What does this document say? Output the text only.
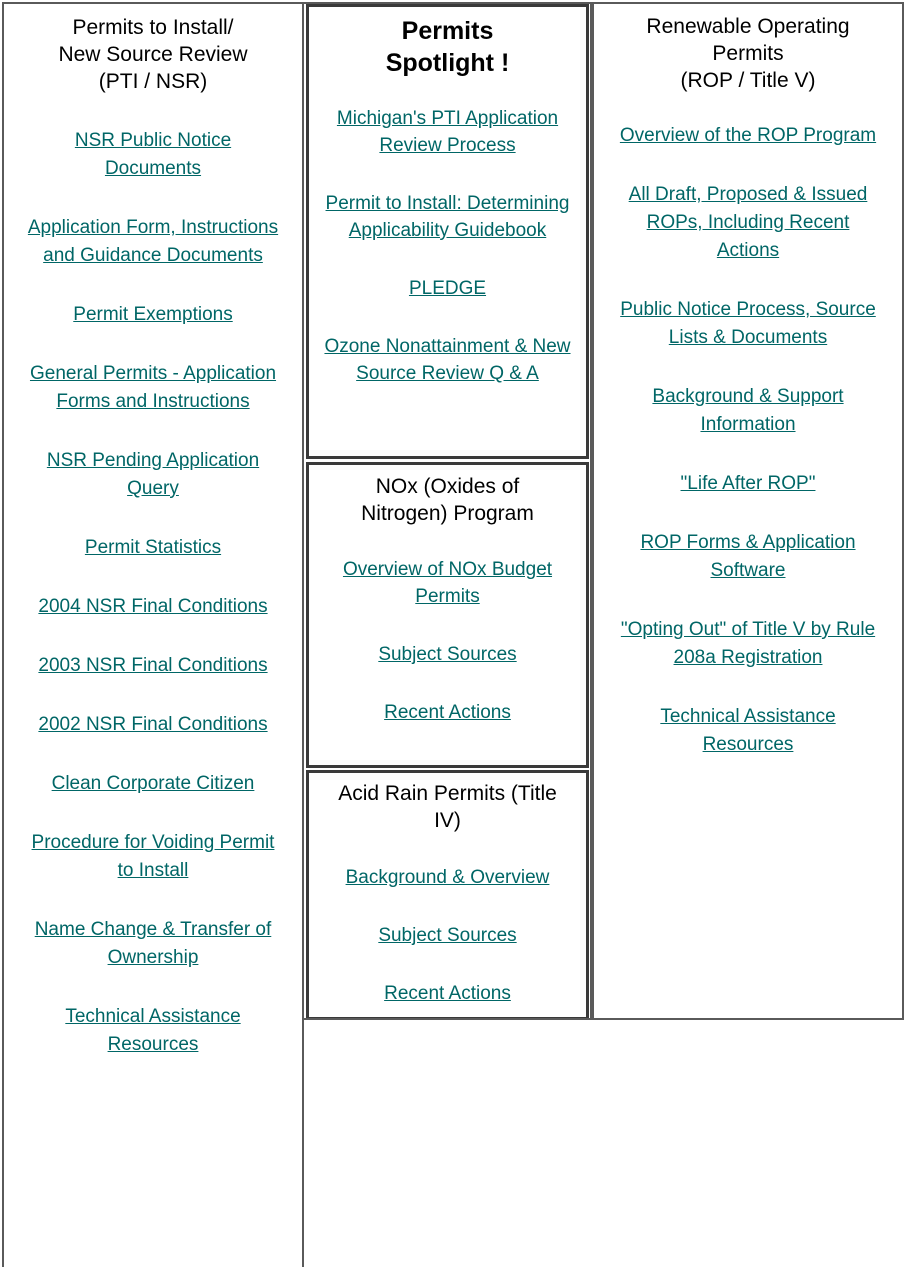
Permits to Install/
New Source Review
(PTI / NSR)
NSR Public Notice Documents
Application Form, Instructions and Guidance Documents
Permit Exemptions
General Permits - Application Forms and Instructions
NSR Pending Application Query
Permit Statistics
2004 NSR Final Conditions
2003 NSR Final Conditions
2002 NSR Final Conditions
Clean Corporate Citizen
Procedure for Voiding Permit to Install
Name Change & Transfer of Ownership
Technical Assistance Resources
Permits
Spotlight !
Michigan's PTI Application Review Process
Permit to Install: Determining Applicability Guidebook
PLEDGE
Ozone Nonattainment & New Source Review Q & A
NOx (Oxides of
Nitrogen) Program
Overview of NOx Budget Permits
Subject Sources
Recent Actions
Acid Rain Permits (Title
IV)
Background & Overview
Subject Sources
Recent Actions
Renewable Operating
Permits
(ROP / Title V)
Overview of the ROP Program
All Draft, Proposed & Issued ROPs, Including Recent Actions
Public Notice Process, Source Lists & Documents
Background & Support Information
"Life After ROP"
ROP Forms & Application Software
"Opting Out" of Title V by Rule 208a Registration
Technical Assistance Resources
